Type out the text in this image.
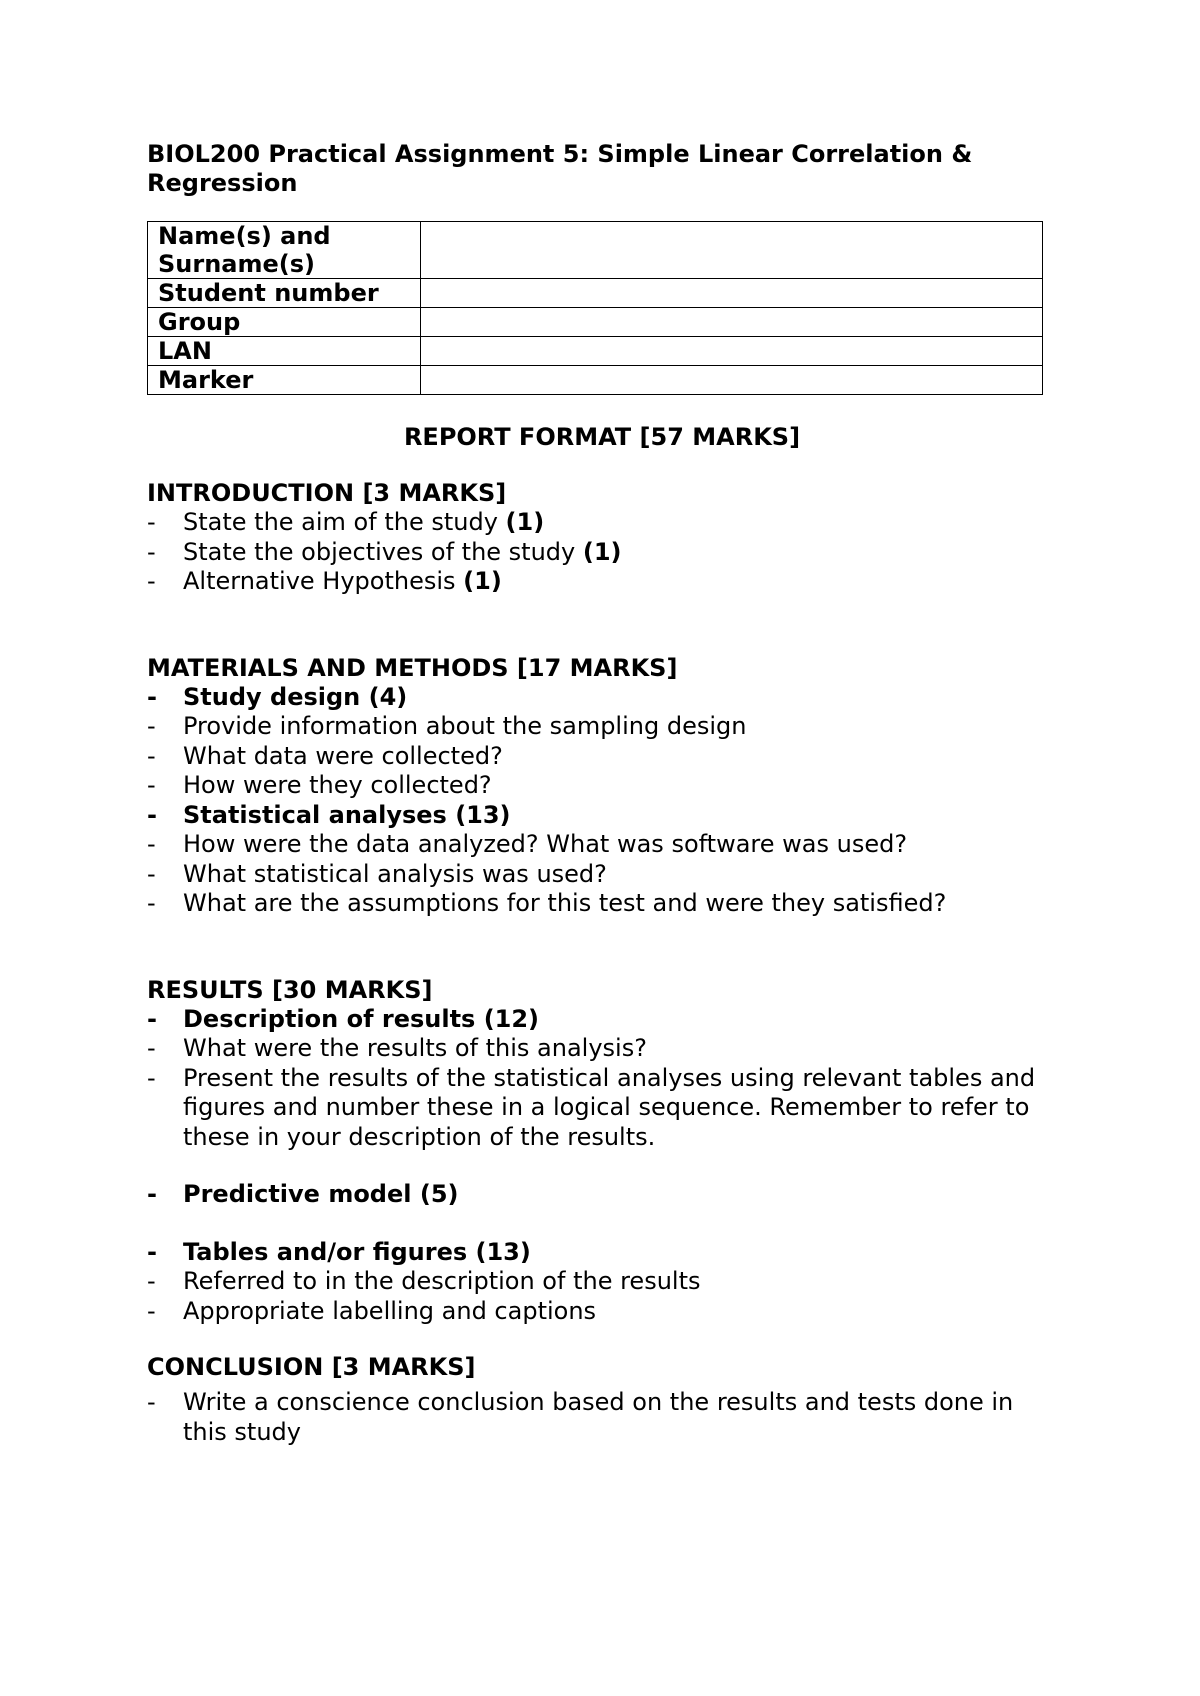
BIOL200 Practical Assignment 5: Simple Linear Correlation & Regression
Name(s) and Surname(s)	
Student number	
Group	
LAN	
Marker	

REPORT FORMAT [57 MARKS]

INTRODUCTION [3 MARKS]

- State the aim of the study (1)
- State the objectives of the study (1)
- Alternative Hypothesis (1)

MATERIALS AND METHODS [17 MARKS]

- Study design (4)
- Provide information about the sampling design
- What data were collected?
- How were they collected?
- Statistical analyses (13)
- How were the data analyzed? What was software was used?
- What statistical analysis was used?
- What are the assumptions for this test and were they satisfied?

RESULTS [30 MARKS]

- Description of results (12)
- What were the results of this analysis?
- Present the results of the statistical analyses using relevant tables and figures and number these in a logical sequence. Remember to refer to these in your description of the results.
- Predictive model (5)
- Tables and/or figures (13)
- Referred to in the description of the results
- Appropriate labelling and captions

CONCLUSION [3 MARKS]

- Write a conscience conclusion based on the results and tests done in this study
